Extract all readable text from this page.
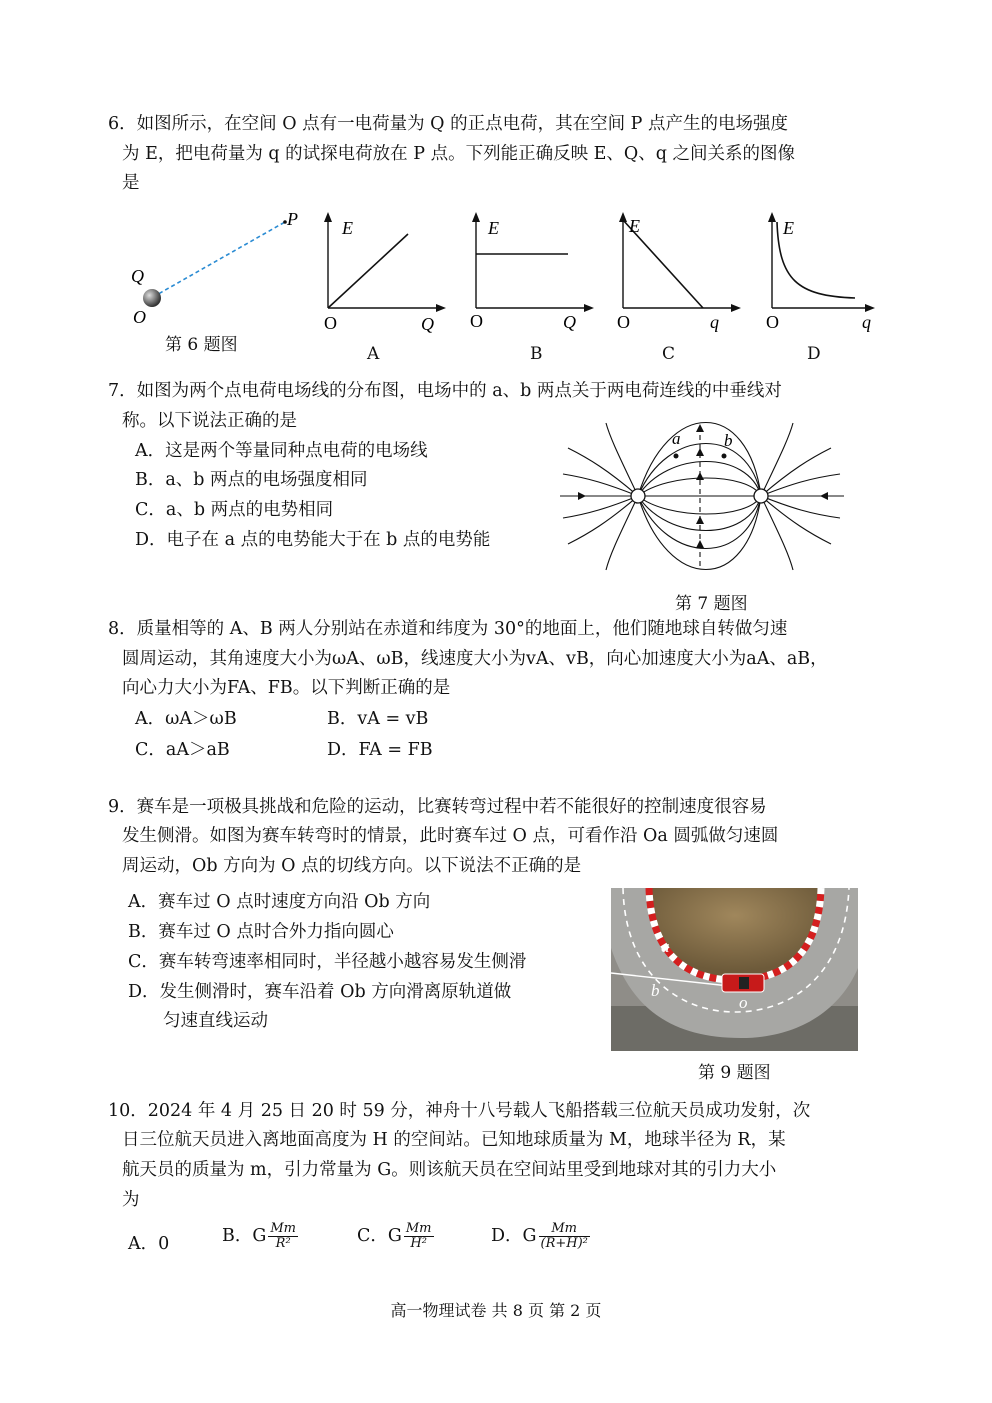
6．如图所示，在空间 O 点有一电荷量为 Q 的正点电荷，其在空间 P 点产生的电场强度
为 E，把电荷量为 q 的试探电荷放在 P 点。下列能正确反映 E、Q、q 之间关系的图像
是
P
Q
O
第 6 题图
E
O	Q
A
E
O	Q
B
E
O	q
C
E
O	q
D
7．如图为两个点电荷电场线的分布图，电场中的 a、b 两点关于两电荷连线的中垂线对
称。以下说法正确的是
A．这是两个等量同种点电荷的电场线
B．a、b 两点的电场强度相同
C．a、b 两点的电势相同
D．电子在 a 点的电势能大于在 b 点的电势能
a	b
第 7 题图
8．质量相等的 A、B 两人分别站在赤道和纬度为 30°的地面上，他们随地球自转做匀速
圆周运动，其角速度大小为ωA、ωB，线速度大小为vA、vB，向心加速度大小为aA、aB，
向心力大小为FA、FB。以下判断正确的是
A．ωA＞ωB	B．vA = vB
C．aA＞aB	D．FA = FB
9．赛车是一项极具挑战和危险的运动，比赛转弯过程中若不能很好的控制速度很容易
发生侧滑。如图为赛车转弯时的情景，此时赛车过 O 点，可看作沿 Oa 圆弧做匀速圆
周运动，Ob 方向为 O 点的切线方向。以下说法不正确的是
A．赛车过 O 点时速度方向沿 Ob 方向
B．赛车过 O 点时合外力指向圆心
C．赛车转弯速率相同时，半径越小越容易发生侧滑
D．发生侧滑时，赛车沿着 Ob 方向滑离原轨道做
匀速直线运动
a
b
o
第 9 题图
10．2024 年 4 月 25 日 20 时 59 分，神舟十八号载人飞船搭载三位航天员成功发射，次
日三位航天员进入离地面高度为 H 的空间站。已知地球质量为 M，地球半径为 R，某
航天员的质量为 m，引力常量为 G。则该航天员在空间站里受到地球对其的引力大小
为
A．0	B．G $\frac{Mm}{\text{R²}}$	C．G $\frac{Mm}{\text{H²}}$	D．G $\frac{Mm}{\text{(R+H)²}}$
高一物理试卷 共 8 页 第 2 页
